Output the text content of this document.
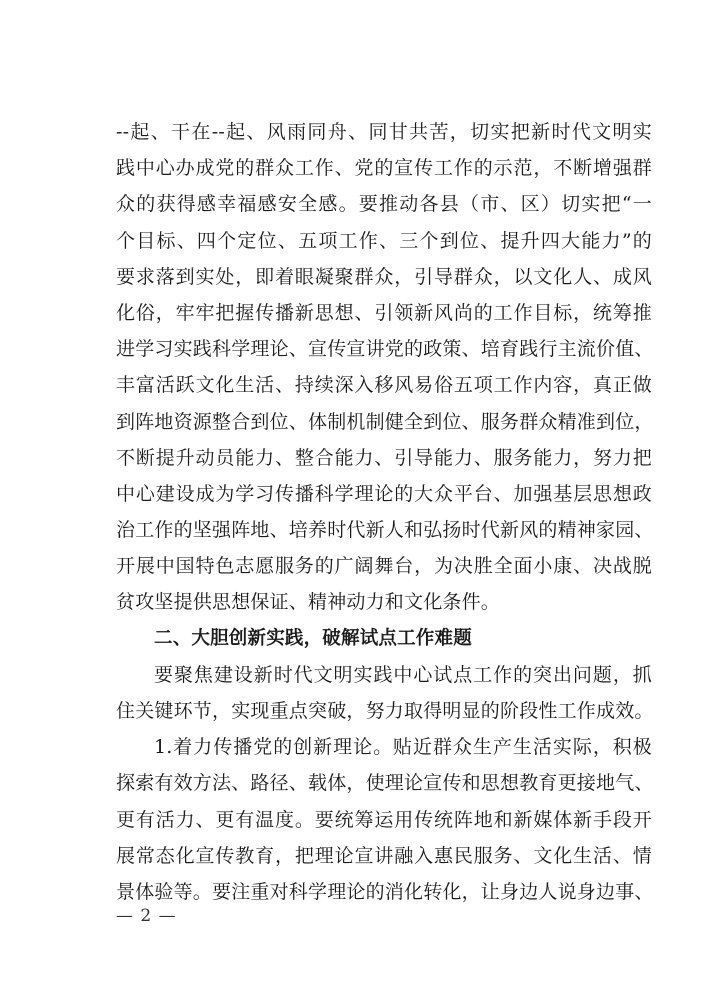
--起、干在--起、风雨同舟、同甘共苦，切实把新时代文明实
践中心办成党的群众工作、党的宣传工作的示范，不断增强群
众的获得感幸福感安全感。要推动各县（市、区）切实把“一
个目标、四个定位、五项工作、三个到位、提升四大能力”的
要求落到实处，即着眼凝聚群众，引导群众，以文化人、成风
化俗，牢牢把握传播新思想、引领新风尚的工作目标，统筹推
进学习实践科学理论、宣传宣讲党的政策、培育践行主流价值、
丰富活跃文化生活、持续深入移风易俗五项工作内容，真正做
到阵地资源整合到位、体制机制健全到位、服务群众精准到位，
不断提升动员能力、整合能力、引导能力、服务能力，努力把
中心建设成为学习传播科学理论的大众平台、加强基层思想政
治工作的坚强阵地、培养时代新人和弘扬时代新风的精神家园、
开展中国特色志愿服务的广阔舞台，为决胜全面小康、决战脱
贫攻坚提供思想保证、精神动力和文化条件。
二、大胆创新实践，破解试点工作难题
要聚焦建设新时代文明实践中心试点工作的突出问题，抓
住关键环节，实现重点突破，努力取得明显的阶段性工作成效。
1.着力传播党的创新理论。贴近群众生产生活实际，积极
探索有效方法、路径、载体，使理论宣传和思想教育更接地气、
更有活力、更有温度。要统筹运用传统阵地和新媒体新手段开
展常态化宣传教育，把理论宣讲融入惠民服务、文化生活、情
景体验等。要注重对科学理论的消化转化，让身边人说身边事、
— 2 —
